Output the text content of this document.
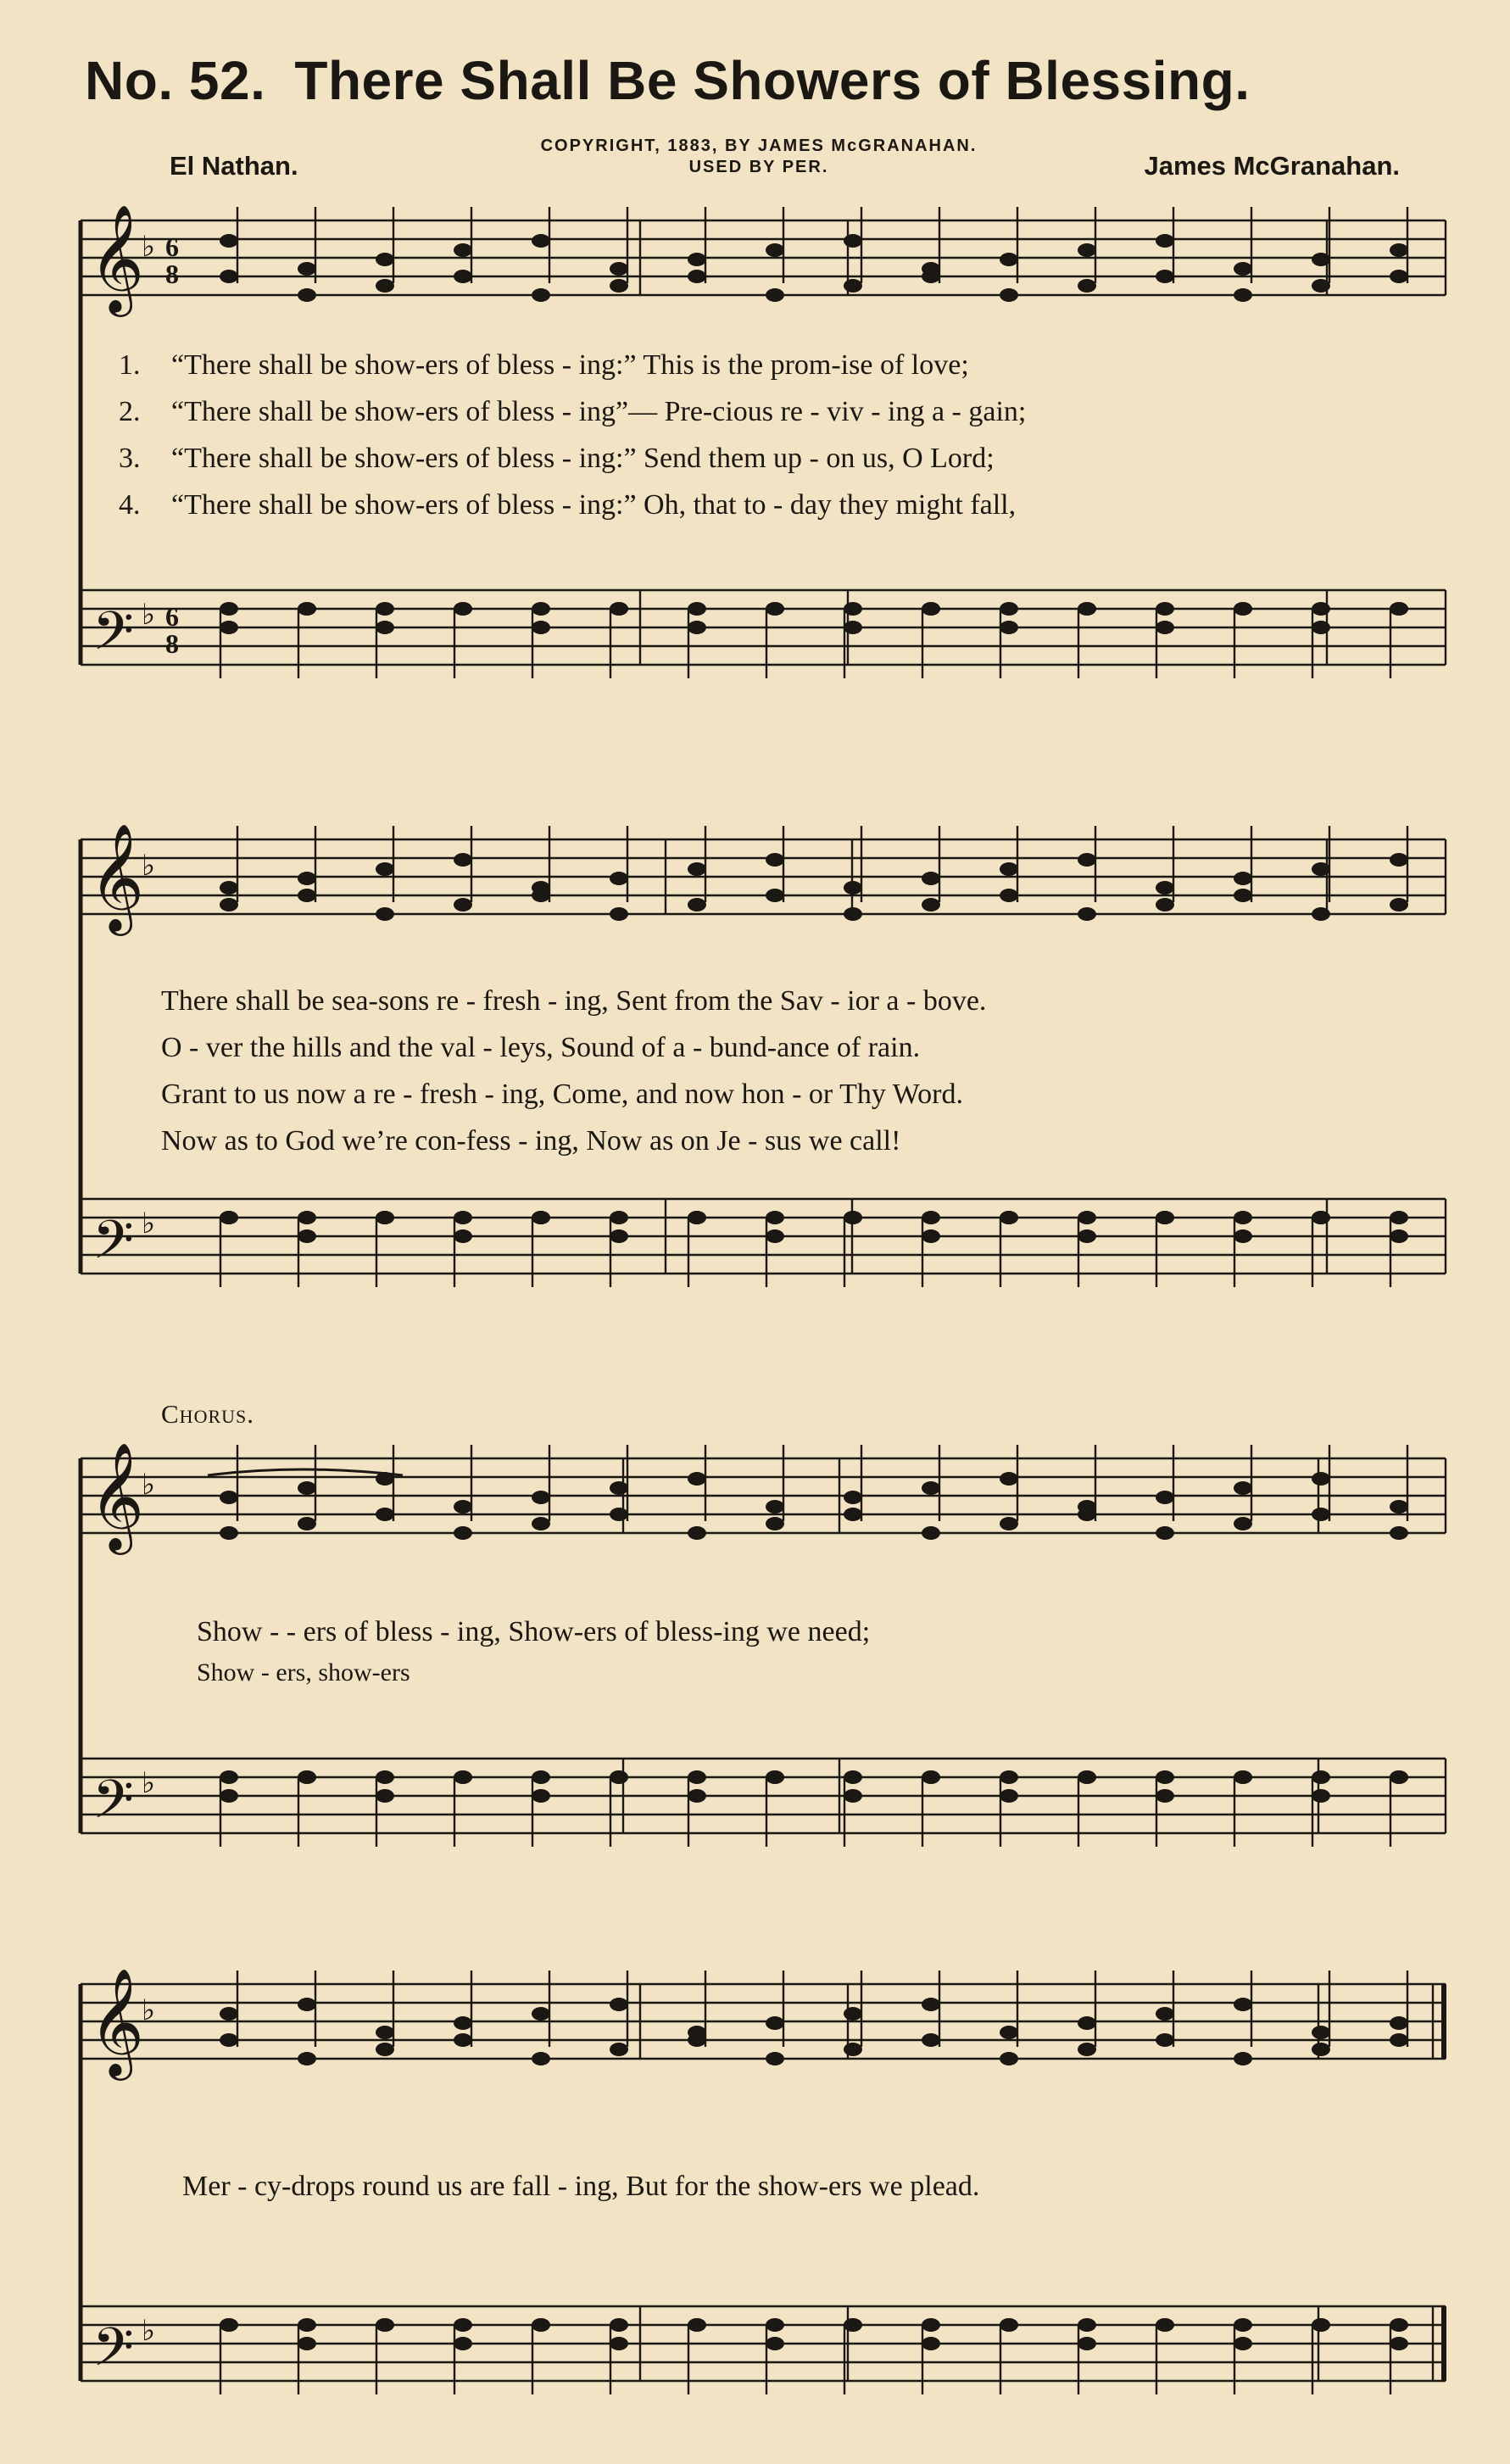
No. 52. There Shall Be Showers of Blessing.
COPYRIGHT, 1883, BY JAMES McGRANAHAN.
USED BY PER.
El Nathan.	James McGranahan.
𝄞
𝄢
♭
♭
6
8
6
8
1. “There shall be show-ers of bless - ing:” This is the prom-ise of love;
2. “There shall be show-ers of bless - ing”— Pre-cious re - viv - ing a - gain;
3. “There shall be show-ers of bless - ing:” Send them up - on us, O Lord;
4. “There shall be show-ers of bless - ing:” Oh, that to - day they might fall,
𝄞
𝄢
♭
♭
There shall be sea-sons re - fresh - ing, Sent from the Sav - ior a - bove.
O - ver the hills and the val - leys, Sound of a - bund-ance of rain.
Grant to us now a re - fresh - ing, Come, and now hon - or Thy Word.
Now as to God we’re con-fess - ing, Now as on Je - sus we call!
Chorus.
𝄞
𝄢
♭
♭
Show - - ers of bless - ing, Show-ers of bless-ing we need;
Show - ers, show-ers
𝄞
𝄢
♭
♭
Mer - cy-drops round us are fall - ing, But for the show-ers we plead.
